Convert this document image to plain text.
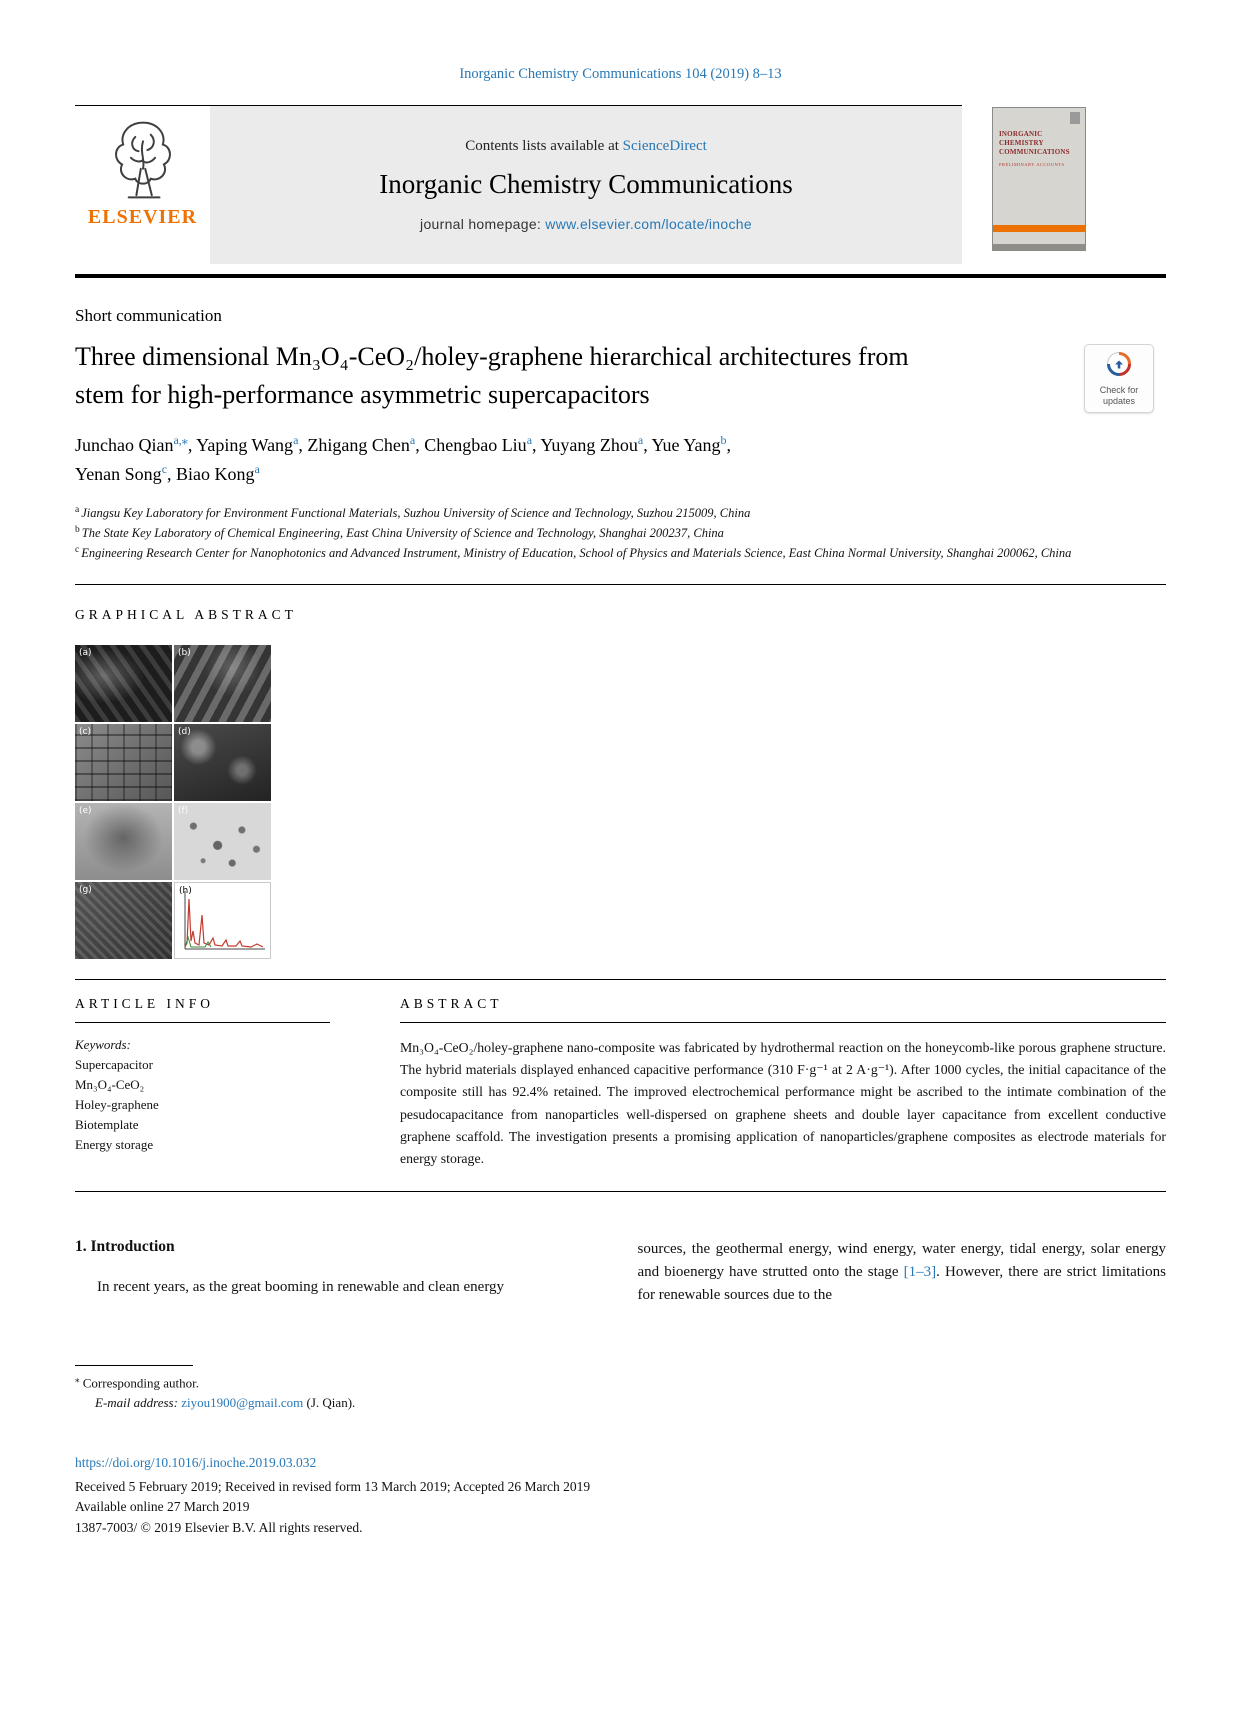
Inorganic Chemistry Communications 104 (2019) 8–13
ELSEVIER
Contents lists available at ScienceDirect
Inorganic Chemistry Communications
journal homepage: www.elsevier.com/locate/inoche
INORGANIC CHEMISTRY COMMUNICATIONS
PRELIMINARY ACCOUNTS
Short communication
Three dimensional Mn₃O₄-CeO₂/holey-graphene hierarchical architectures from stem for high-performance asymmetric supercapacitors	Check for updates
Junchao Qian$^{a,⁎}$, Yaping Wang$^a$, Zhigang Chen$^a$, Chengbao Liu$^a$, Yuyang Zhou$^a$, Yue Yang$^b$,
Yenan Song$^c$, Biao Kong$^a$
$^a$ Jiangsu Key Laboratory for Environment Functional Materials, Suzhou University of Science and Technology, Suzhou 215009, China
$^b$ The State Key Laboratory of Chemical Engineering, East China University of Science and Technology, Shanghai 200237, China
$^c$ Engineering Research Center for Nanophotonics and Advanced Instrument, Ministry of Education, School of Physics and Materials Science, East China Normal University, Shanghai 200062, China
GRAPHICAL ABSTRACT
(a)	(b)
(c)	(d)
(e)	(f)
(g)	(h)
ARTICLE INFO
Keywords:
Supercapacitor
Mn₃O₄-CeO₂
Holey-graphene
Biotemplate
Energy storage
ABSTRACT

Mn₃O₄-CeO₂/holey-graphene nano-composite was fabricated by hydrothermal reaction on the honeycomb-like porous graphene structure. The hybrid materials displayed enhanced capacitive performance (310 F·g⁻¹ at 2 A·g⁻¹). After 1000 cycles, the initial capacitance of the composite still has 92.4% retained. The improved electrochemical performance might be ascribed to the intimate combination of the pesudocapacitance from nanoparticles well-dispersed on graphene sheets and double layer capacitance from excellent conductive graphene scaffold. The investigation presents a promising application of nanoparticles/graphene composites as electrode materials for energy storage.

1. Introduction

In recent years, as the great booming in renewable and clean energy

sources, the geothermal energy, wind energy, water energy, tidal energy, solar energy and bioenergy have strutted onto the stage [1–3]. However, there are strict limitations for renewable sources due to the

⁎ Corresponding author.
E-mail address: ziyou1900@gmail.com (J. Qian).
https://doi.org/10.1016/j.inoche.2019.03.032
Received 5 February 2019; Received in revised form 13 March 2019; Accepted 26 March 2019
Available online 27 March 2019
1387-7003/ © 2019 Elsevier B.V. All rights reserved.
